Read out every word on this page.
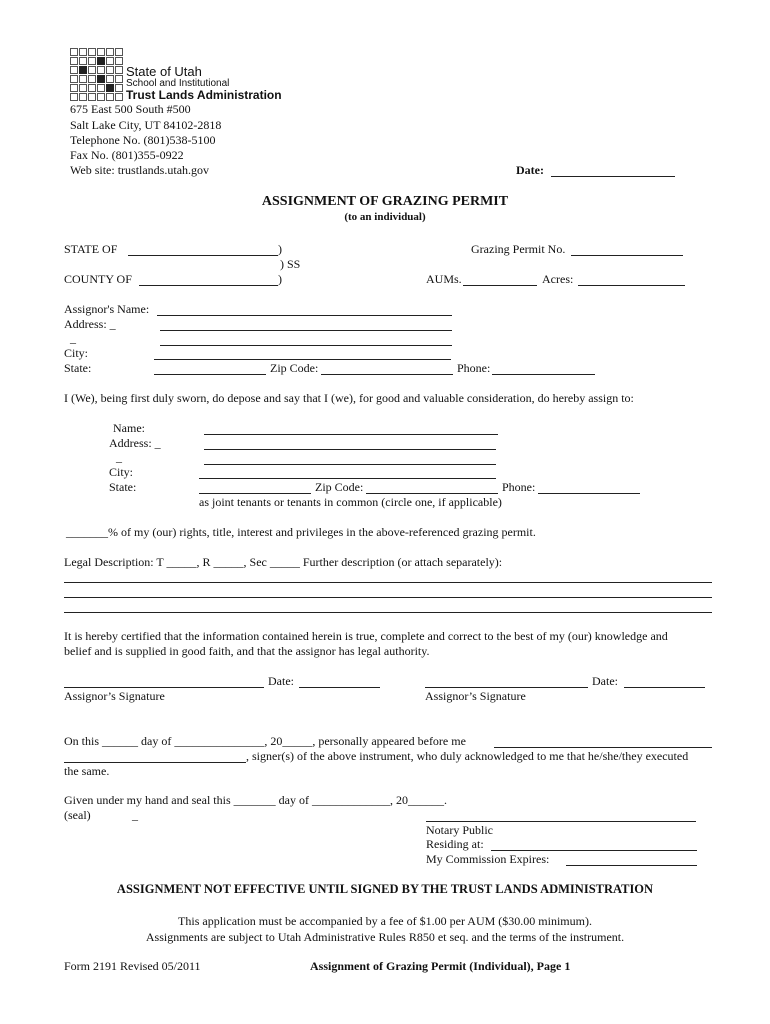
State of Utah
School and Institutional
Trust Lands Administration
675 East 500 South #500
Salt Lake City, UT 84102-2818
Telephone No. (801)538-5100
Fax No. (801)355-0922
Web site: trustlands.utah.gov	Date:
ASSIGNMENT OF GRAZING PERMIT
(to an individual)
STATE OF	)
) SS
COUNTY OF	)
Grazing Permit No.
AUMs.	Acres:
Assignor's Name:
Address: _
_
City:
State:	Zip Code:	Phone:
I (We), being first duly sworn, do depose and say that I (we), for good and valuable consideration, do hereby assign to:
Name:
Address: _
_
City:
State:	Zip Code:	Phone:
as joint tenants or tenants in common (circle one, if applicable)
_______% of my (our) rights, title, interest and privileges in the above-referenced grazing permit.
Legal Description: T _____, R _____, Sec _____ Further description (or attach separately):
It is hereby certified that the information contained herein is true, complete and correct to the best of my (our) knowledge and
belief and is supplied in good faith, and that the assignor has legal authority.
Date:
Assignor’s Signature
Date:
Assignor’s Signature
On this ______ day of _______________, 20_____, personally appeared before me
, signer(s) of the above instrument, who duly acknowledged to me that he/she/they executed
the same.
Given under my hand and seal this _______ day of _____________, 20______.
(seal)	_
Notary Public
Residing at:
My Commission Expires:
ASSIGNMENT NOT EFFECTIVE UNTIL SIGNED BY THE TRUST LANDS ADMINISTRATION
This application must be accompanied by a fee of $1.00 per AUM ($30.00 minimum).
Assignments are subject to Utah Administrative Rules R850 et seq. and the terms of the instrument.
Form 2191 Revised 05/2011	Assignment of Grazing Permit (Individual), Page 1
